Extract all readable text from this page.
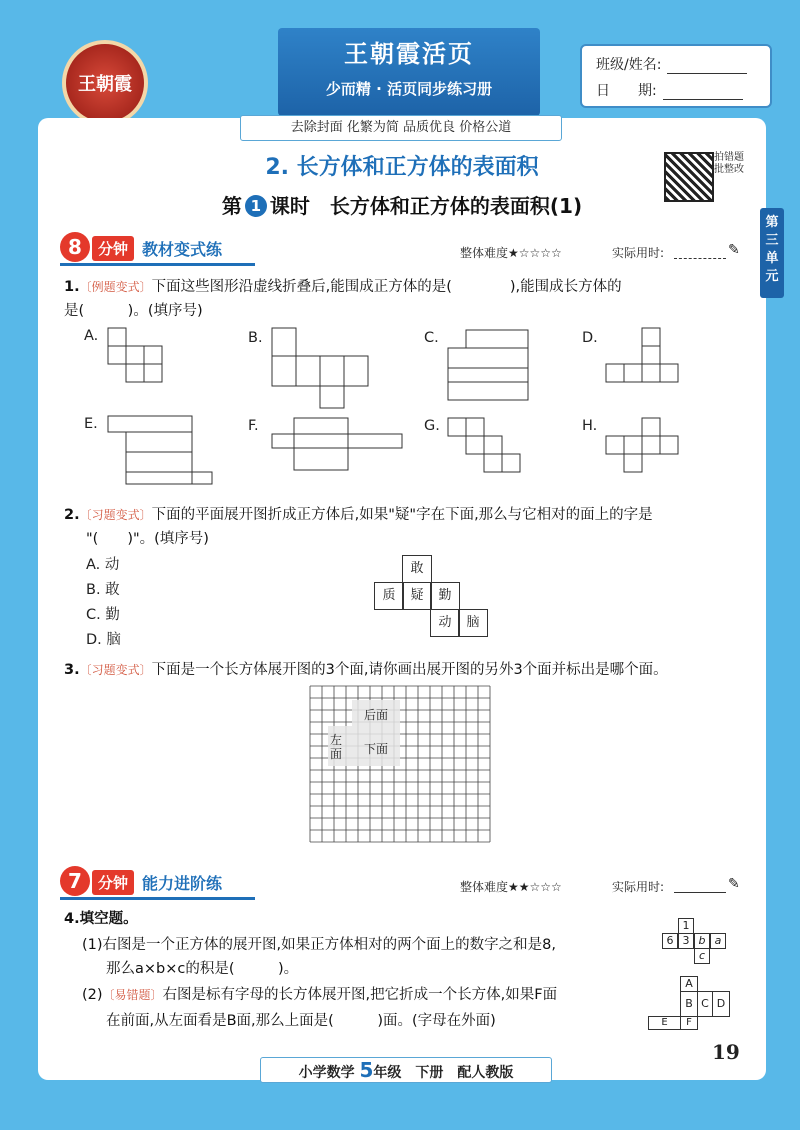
王朝霞
王朝霞活页
少而精 · 活页同步练习册
班级/姓名:
日　　期:
去除封面 化繁为简 品质优良 价格公道
第三单元
2. 长方体和正方体的表面积
第 1 课时　长方体和正方体的表面积(1)
拍错题批整改
8	分钟 教材变式练	整体难度★☆☆☆☆	实际用时:	✎
1.〔例题变式〕下面这些图形沿虚线折叠后,能围成正方体的是(　　　　),能围成长方体的
是(　　　)。(填序号)
A.	B.	C.	D.
E.	F.	G.	H.
2.〔习题变式〕下面的平面展开图折成正方体后,如果"疑"字在下面,那么与它相对的面上的字是
"(　　)"。(填序号)
A. 动
B. 敢
C. 勤
D. 脑
敢
质	疑	勤
动	脑
3.〔习题变式〕下面是一个长方体展开图的3个面,请你画出展开图的另外3个面并标出是哪个面。
后面
左面	下面
7	分钟 能力进阶练	整体难度★★☆☆☆	实际用时:	✎
4.填空题。
(1)右图是一个正方体的展开图,如果正方体相对的两个面上的数字之和是8,
那么a×b×c的积是(　　　)。
(2)〔易错题〕右图是标有字母的长方体展开图,把它折成一个长方体,如果F面
在前面,从左面看是B面,那么上面是(　　　)面。(字母在外面)
1
6 3 b a
c
A
B C D
E	F
小学数学 5年级　下册　配人教版
19
